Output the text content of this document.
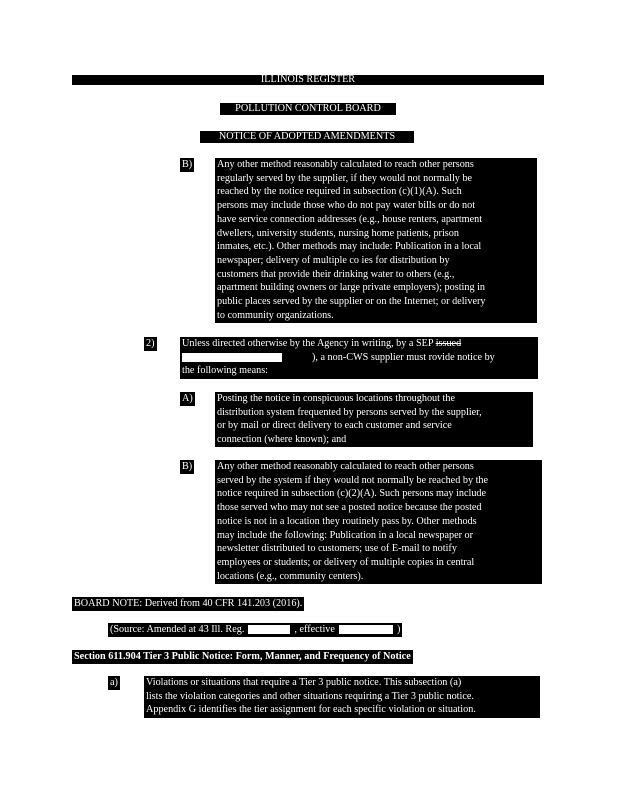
ILLINOIS REGISTER
POLLUTION CONTROL BOARD
NOTICE OF ADOPTED AMENDMENTS
B) Any other method reasonably calculated to reach other persons

regularly served by the supplier, if they would not normally be

reached by the notice required in subsection (c)(1)(A). Such

persons may include those who do not pay water bills or do not

have service connection addresses (e.g., house renters, apartment

dwellers, university students, nursing home patients, prison

inmates, etc.). Other methods may include: Publication in a local

newspaper; delivery of multiple co ies for distribution by

customers that provide their drinking water to others (e.g.,

apartment building owners or large private employers); posting in

public places served by the supplier or on the Internet; or delivery

to community organizations.

2)	Unless directed otherwise by the Agency in writing, by a SEP issued

), a non-CWS supplier must rovide notice by

the following means:

A) Posting the notice in conspicuous locations throughout the

distribution system frequented by persons served by the supplier,

or by mail or direct delivery to each customer and service

connection (where known); and

B) Any other method reasonably calculated to reach other persons

served by the system if they would not normally be reached by the

notice required in subsection (c)(2)(A). Such persons may include

those served who may not see a posted notice because the posted

notice is not in a location they routinely pass by. Other methods

may include the following: Publication in a local newspaper or

newsletter distributed to customers; use of E-mail to notify

employees or students; or delivery of multiple copies in central

locations (e.g., community centers).

BOARD NOTE: Derived from 40 CFR 141.203 (2016).
(Source: Amended at 43 Ill. Reg.	, effective	)
Section 611.904 Tier 3 Public Notice: Form, Manner, and Frequency of Notice
a)	Violations or situations that require a Tier 3 public notice. This subsection (a)

lists the violation categories and other situations requiring a Tier 3 public notice.

Appendix G identifies the tier assignment for each specific violation or situation.
